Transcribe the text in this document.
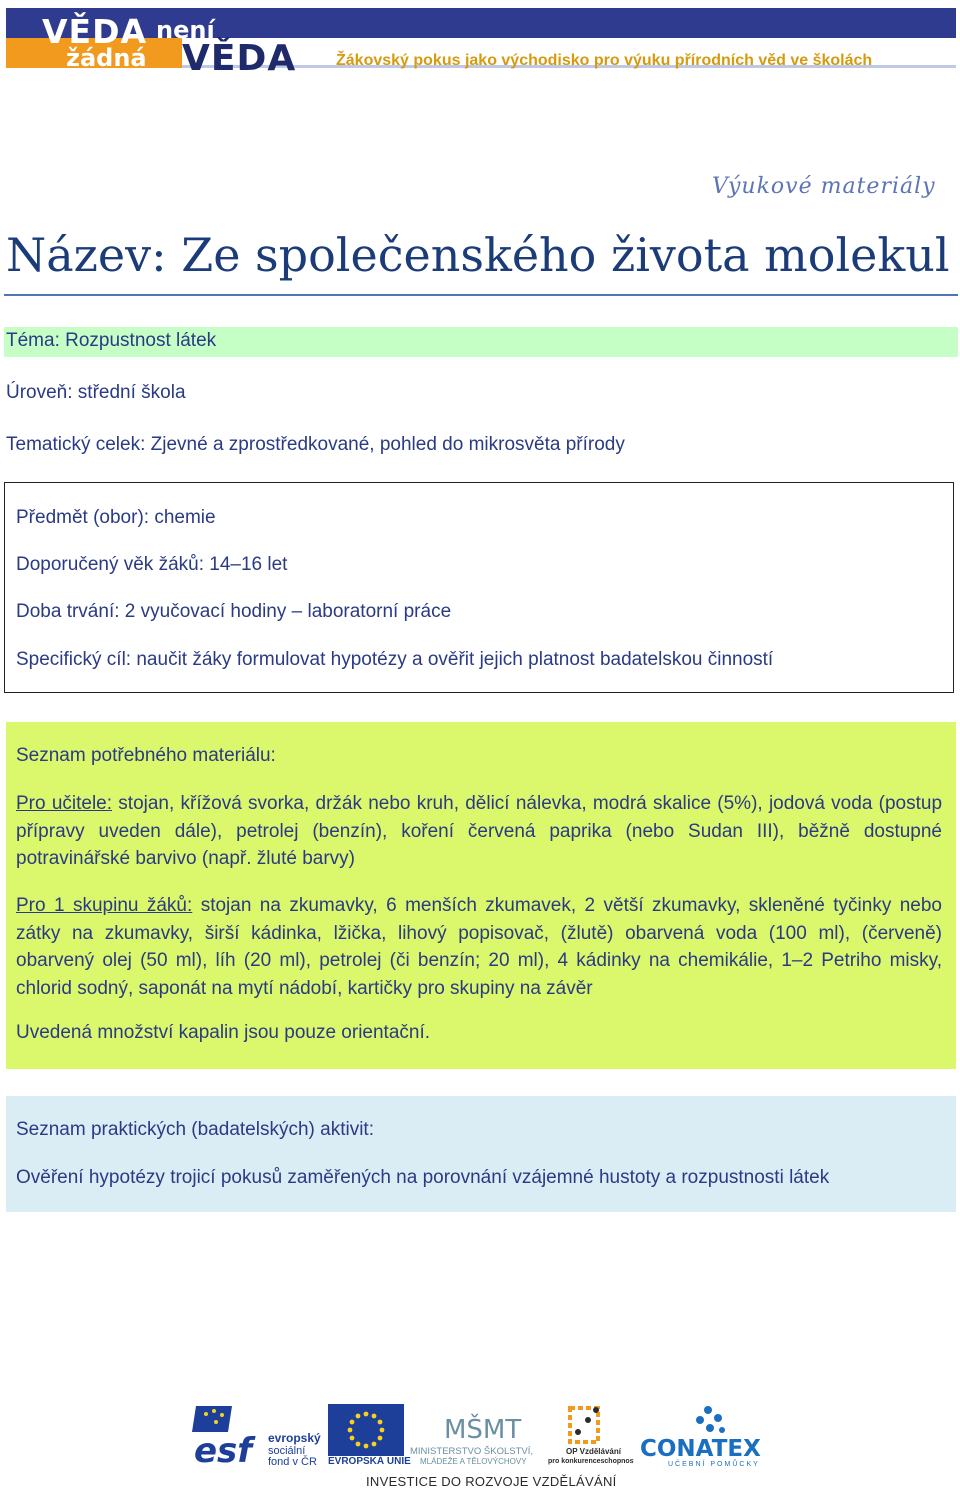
VĚDA není
žádná VĚDA Žákovský pokus jako východisko pro výuku přírodních věd ve školách
Výukové materiály
Název: Ze společenského života molekul
Téma: Rozpustnost látek
Úroveň: střední škola
Tematický celek: Zjevné a zprostředkované, pohled do mikrosvěta přírody
Předmět (obor): chemie
Doporučený věk žáků: 14–16 let
Doba trvání: 2 vyučovací hodiny – laboratorní práce
Specifický cíl: naučit žáky formulovat hypotézy a ověřit jejich platnost badatelskou činností
Seznam potřebného materiálu:
Pro učitele: stojan, křížová svorka, držák nebo kruh, dělicí nálevka, modrá skalice (5%), jodová voda (postup přípravy uveden dále), petrolej (benzín), koření červená paprika (nebo Sudan III), běžně dostupné potravinářské barvivo (např. žluté barvy)
Pro 1 skupinu žáků: stojan na zkumavky, 6 menších zkumavek, 2 větší zkumavky, skleněné tyčinky nebo zátky na zkumavky, širší kádinka, lžička, lihový popisovač, (žlutě) obarvená voda (100 ml), (červeně) obarvený olej (50 ml), líh (20 ml), petrolej (či benzín; 20 ml), 4 kádinky na chemikálie, 1–2 Petriho misky, chlorid sodný, saponát na mytí nádobí, kartičky pro skupiny na závěr
Uvedená množství kapalin jsou pouze orientační.
Seznam praktických (badatelských) aktivit:
Ověření hypotézy trojicí pokusů zaměřených na porovnání vzájemné hustoty a rozpustnosti látek
esf	evropský
sociální
fond v ČR EVROPSKÁ UNIE
MŠMT
MINISTERSTVO ŠKOLSTVÍ,
MLÁDEŽE A TĚLOVÝCHOVY
OP Vzdělávání
pro konkurenceschopnost CONATEX
UČEBNÍ POMŮCKY
INVESTICE DO ROZVOJE VZDĚLÁVÁNÍ
